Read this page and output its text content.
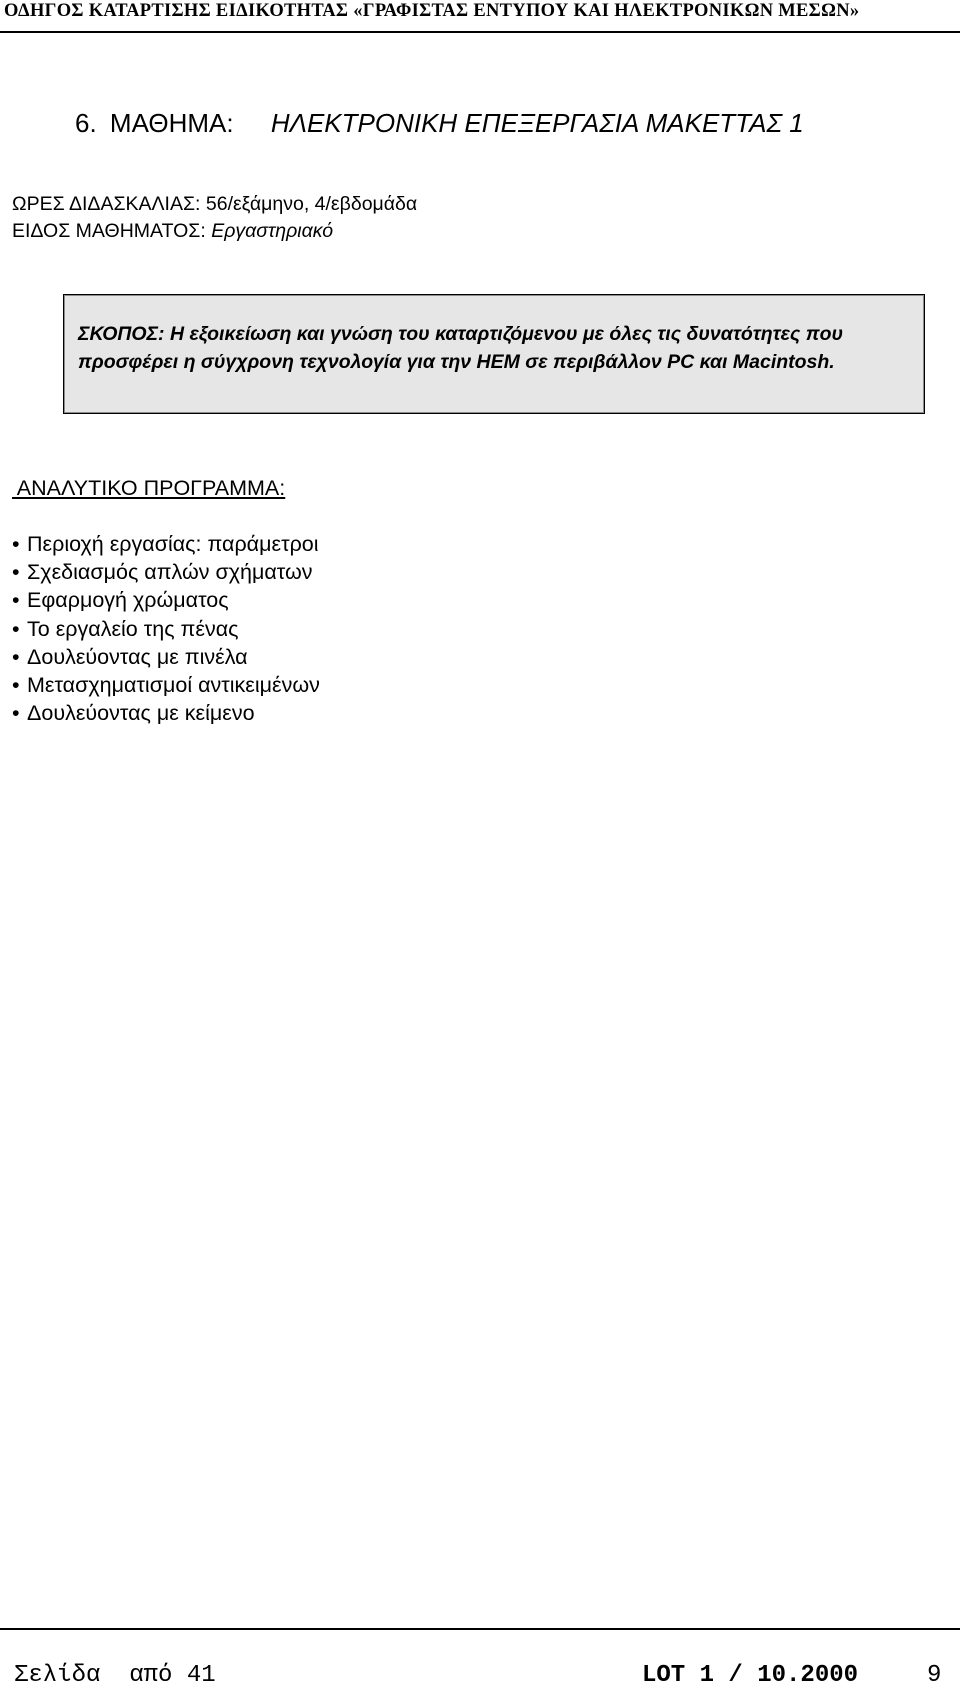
ΟΔΗΓΟΣ ΚΑΤΑΡΤΙΣΗΣ ΕΙΔΙΚΟΤΗΤΑΣ «ΓΡΑΦΙΣΤΑΣ ΕΝΤΥΠΟΥ ΚΑΙ ΗΛΕΚΤΡΟΝΙΚΩΝ ΜΕΣΩΝ»
6. ΜΑΘΗΜΑ: ΗΛΕΚΤΡΟΝΙΚΗ ΕΠΕΞΕΡΓΑΣΙΑ ΜΑΚΕΤΤΑΣ 1
ΩΡΕΣ ΔΙΔΑΣΚΑΛΙΑΣ: 56/εξάμηνο, 4/εβδομάδα
ΕΙΔΟΣ ΜΑΘΗΜΑΤΟΣ: Εργαστηριακό
ΣΚΟΠΟΣ: Η εξοικείωση και γνώση του καταρτιζόμενου με όλες τις δυνατότητες που προσφέρει η σύγχρονη τεχνολογία για την ΗΕΜ σε περιβάλλον PC και Macintosh.
ΑΝΑΛΥΤΙΚΟ ΠΡΟΓΡΑΜΜΑ:
• Περιοχή εργασίας: παράμετροι
• Σχεδιασμός απλών σχήματων
• Εφαρμογή χρώματος
• Το εργαλείο της πένας
• Δουλεύοντας με πινέλα
• Μετασχηματισμοί αντικειμένων
• Δουλεύοντας με κείμενο
Σελίδα  από 41	LOT 1 / 10.2000	9
